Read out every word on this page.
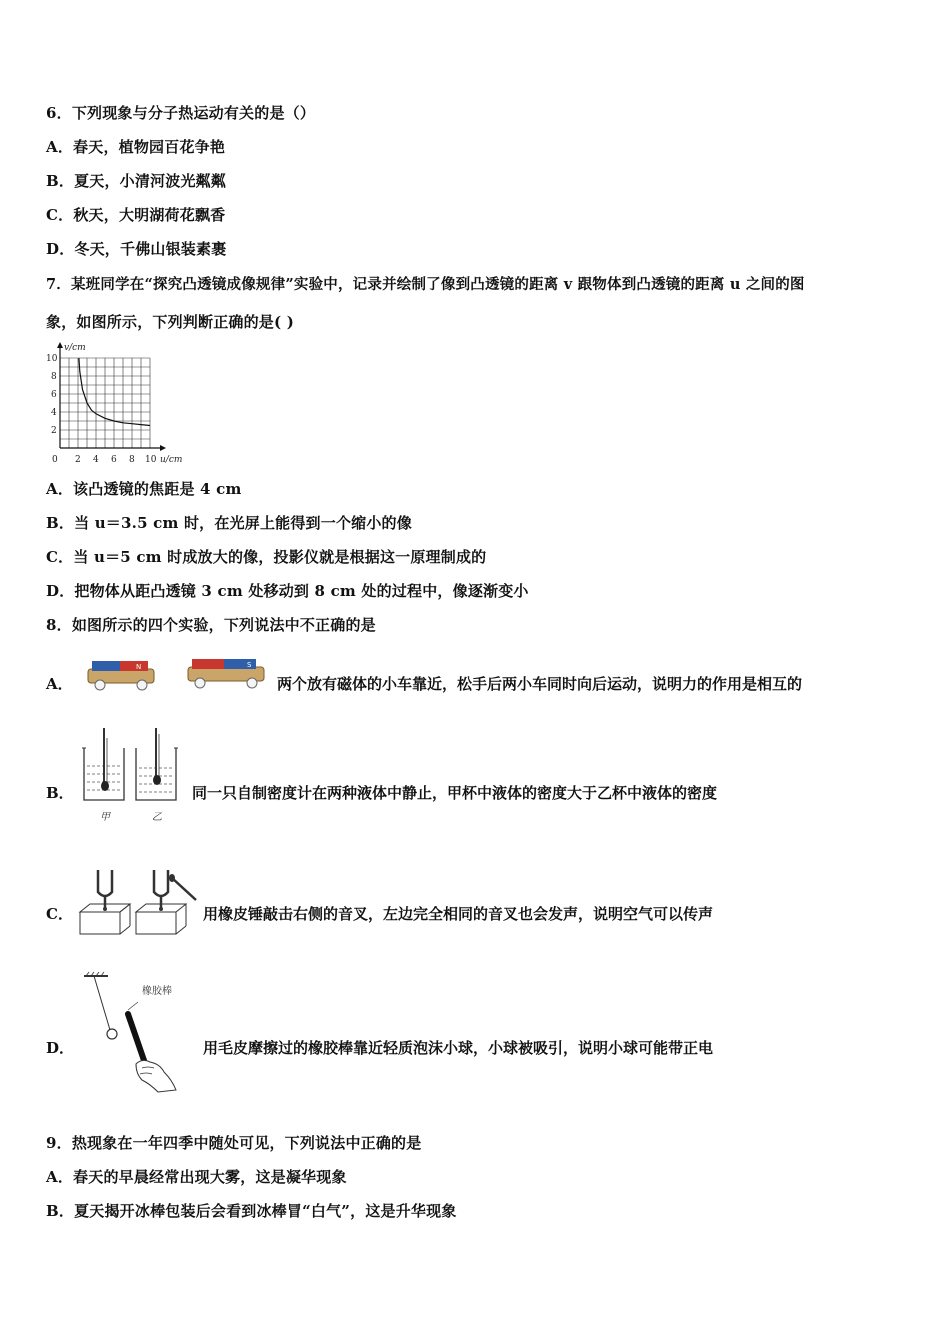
6．下列现象与分子热运动有关的是（）
A．春天，植物园百花争艳
B．夏天，小清河波光粼粼
C．秋天，大明湖荷花飘香
D．冬天，千佛山银装素裹
7．某班同学在“探究凸透镜成像规律”实验中，记录并绘制了像到凸透镜的距离 v 跟物体到凸透镜的距离 u 之间的图
象，如图所示，下列判断正确的是( )
0 2 4 6 8 10
2
4
6
8
10
u/cm
v/cm
A．该凸透镜的焦距是 4 cm
B．当 u＝3.5 cm 时，在光屏上能得到一个缩小的像
C．当 u＝5 cm 时成放大的像，投影仪就是根据这一原理制成的
D．把物体从距凸透镜 3 cm 处移动到 8 cm 处的过程中，像逐渐变小
8．如图所示的四个实验，下列说法中不正确的是
A．
N	S
两个放有磁体的小车靠近，松手后两小车同时向后运动，说明力的作用是相互的
B．
甲	乙
同一只自制密度计在两种液体中静止，甲杯中液体的密度大于乙杯中液体的密度
C．	用橡皮锤敲击右侧的音叉，左边完全相同的音叉也会发声，说明空气可以传声
D．
橡胶棒
用毛皮摩擦过的橡胶棒靠近轻质泡沫小球，小球被吸引，说明小球可能带正电
9．热现象在一年四季中随处可见，下列说法中正确的是
A．春天的早晨经常出现大雾，这是凝华现象
B．夏天揭开冰棒包装后会看到冰棒冒“白气”，这是升华现象
